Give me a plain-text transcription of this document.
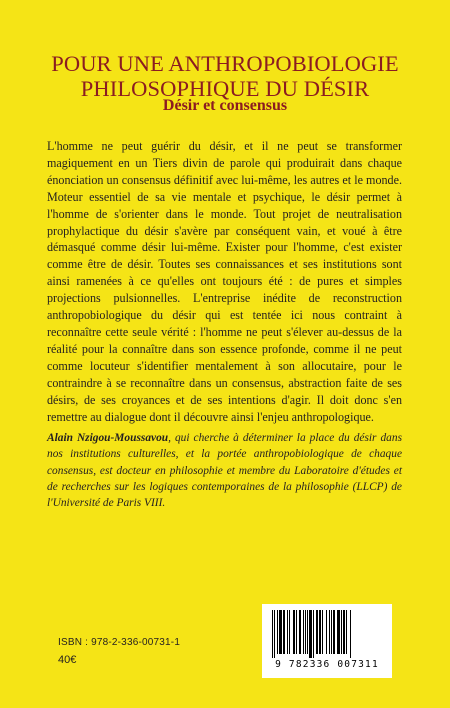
POUR UNE ANTHROPOBIOLOGIE
PHILOSOPHIQUE DU DÉSIR
Désir et consensus

L'homme ne peut guérir du désir, et il ne peut se transformer magiquement en un Tiers divin de parole qui produirait dans chaque énonciation un consensus définitif avec lui-même, les autres et le monde. Moteur essentiel de sa vie mentale et psychique, le désir permet à l'homme de s'orienter dans le monde. Tout projet de neutralisation prophylactique du désir s'avère par conséquent vain, et voué à être démasqué comme désir lui-même. Exister pour l'homme, c'est exister comme être de désir. Toutes ses connaissances et ses institutions sont ainsi ramenées à ce qu'elles ont toujours été : de pures et simples projections pulsionnelles. L'entreprise inédite de reconstruction anthropobiologique du désir qui est tentée ici nous contraint à reconnaître cette seule vérité : l'homme ne peut s'élever au-dessus de la réalité pour la connaître dans son essence profonde, comme il ne peut comme locuteur s'identifier mentalement à son allocutaire, pour le contraindre à se reconnaître dans un consensus, abstraction faite de ses désirs, de ses croyances et de ses intentions d'agir. Il doit donc s'en remettre au dialogue dont il découvre ainsi l'enjeu anthropologique.

Alain Nzigou-Moussavou, qui cherche à déterminer la place du désir dans nos institutions culturelles, et la portée anthropobiologique de chaque consensus, est docteur en philosophie et membre du Laboratoire d'études et de recherches sur les logiques contemporaines de la philosophie (LLCP) de l'Université de Paris VIII.

ISBN : 978-2-336-00731-1
40€	9 782336 007311
